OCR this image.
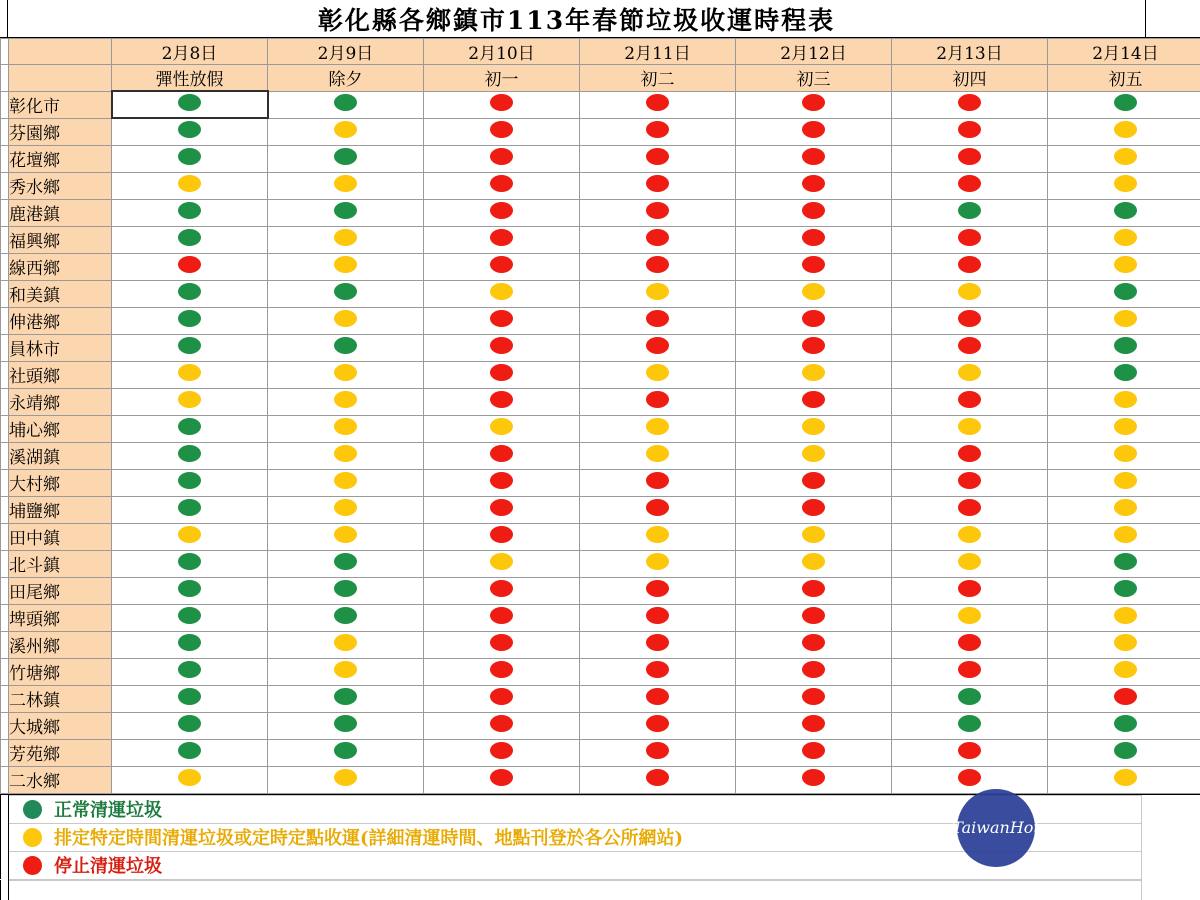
彰化縣各鄉鎮市113年春節垃圾收運時程表
		2月8日	2月9日	2月10日	2月11日	2月12日	2月13日	2月14日	
		彈性放假	除夕	初一	初二	初三	初四	初五	
	彰化市								
	芬園鄉								
	花壇鄉								
	秀水鄉								
	鹿港鎮								
	福興鄉								
	線西鄉								
	和美鎮								
	伸港鄉								
	員林市								
	社頭鄉								
	永靖鄉								
	埔心鄉								
	溪湖鎮								
	大村鄉								
	埔鹽鄉								
	田中鎮								
	北斗鎮								
	田尾鄉								
	埤頭鄉								
	溪州鄉								
	竹塘鄉								
	二林鎮								
	大城鄉								
	芳苑鄉								
	二水鄉								
	正常清運垃圾	
	排定特定時間清運垃圾或定時定點收運(詳細清運時間、地點刊登於各公所網站)	
	停止清運垃圾	

TaiwanHot
